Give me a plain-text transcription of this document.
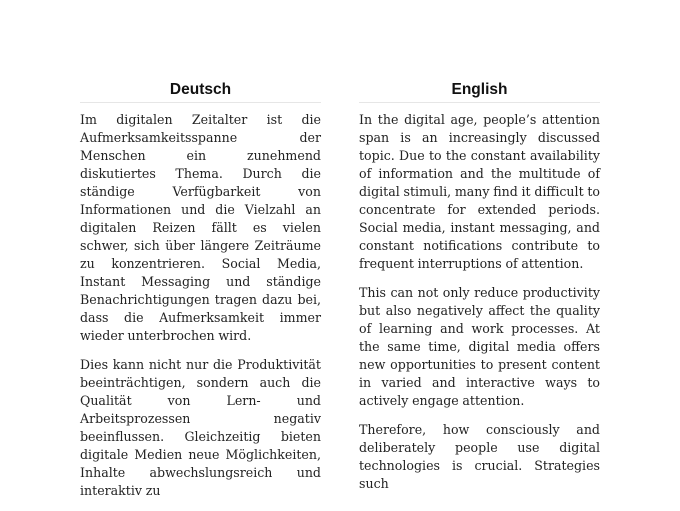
Deutsch

Im digitalen Zeitalter ist die Aufmerksamkeitsspanne der Menschen ein zunehmend diskutiertes Thema. Durch die ständige Verfügbarkeit von Informationen und die Vielzahl an digitalen Reizen fällt es vielen schwer, sich über längere Zeiträume zu konzentrieren. Social Media, Instant Messaging und ständige Benachrichtigungen tragen dazu bei, dass die Aufmerksamkeit immer wieder unterbrochen wird.

Dies kann nicht nur die Produktivität beeinträchtigen, sondern auch die Qualität von Lern- und Arbeitsprozessen negativ beeinflussen. Gleichzeitig bieten digitale Medien neue Möglichkeiten, Inhalte abwechslungsreich und interaktiv zu

English

In the digital age, people’s attention span is an increasingly discussed topic. Due to the constant availability of information and the multitude of digital stimuli, many find it difficult to concentrate for extended periods. Social media, instant messaging, and constant notifications contribute to frequent interruptions of attention.

This can not only reduce productivity but also negatively affect the quality of learning and work processes. At the same time, digital media offers new opportunities to present content in varied and interactive ways to actively engage attention.

Therefore, how consciously and deliberately people use digital technologies is crucial. Strategies such
